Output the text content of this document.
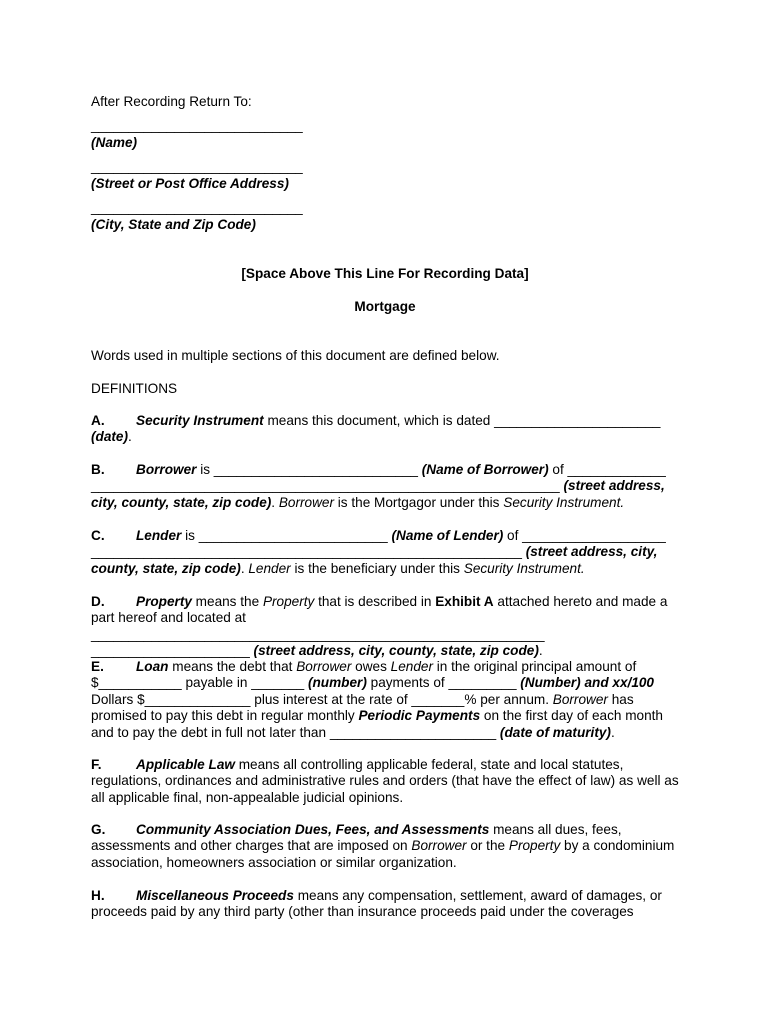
After Recording Return To:
____________________________
(Name)
____________________________
(Street or Post Office Address)
____________________________
(City, State and Zip Code)
[Space Above This Line For Recording Data]
Mortgage
Words used in multiple sections of this document are defined below.
DEFINITIONS

A. Security Instrument means this document, which is dated ______________________ (date).

B. Borrower is ___________________________ (Name of Borrower) of _____________ ______________________________________________________________ (street address, city, county, state, zip code). Borrower is the Mortgagor under this Security Instrument.

C. Lender is _________________________ (Name of Lender) of ___________________ _________________________________________________________ (street address, city, county, state, zip code). Lender is the beneficiary under this Security Instrument.

D. Property means the Property that is described in Exhibit A attached hereto and made a part hereof and located at ____________________________________________________________ _____________________ (street address, city, county, state, zip code).

E. Loan means the debt that Borrower owes Lender in the original principal amount of $___________ payable in _______ (number) payments of _________ (Number) and xx/100 Dollars $______________ plus interest at the rate of _______% per annum. Borrower has promised to pay this debt in regular monthly Periodic Payments on the first day of each month and to pay the debt in full not later than ______________________ (date of maturity).

F.	Applicable Law means all controlling applicable federal, state and local statutes, regulations, ordinances and administrative rules and orders (that have the effect of law) as well as all applicable final, non-appealable judicial opinions.

G. Community Association Dues, Fees, and Assessments means all dues, fees, assessments and other charges that are imposed on Borrower or the Property by a condominium association, homeowners association or similar organization.

H. Miscellaneous Proceeds means any compensation, settlement, award of damages, or proceeds paid by any third party (other than insurance proceeds paid under the coverages
